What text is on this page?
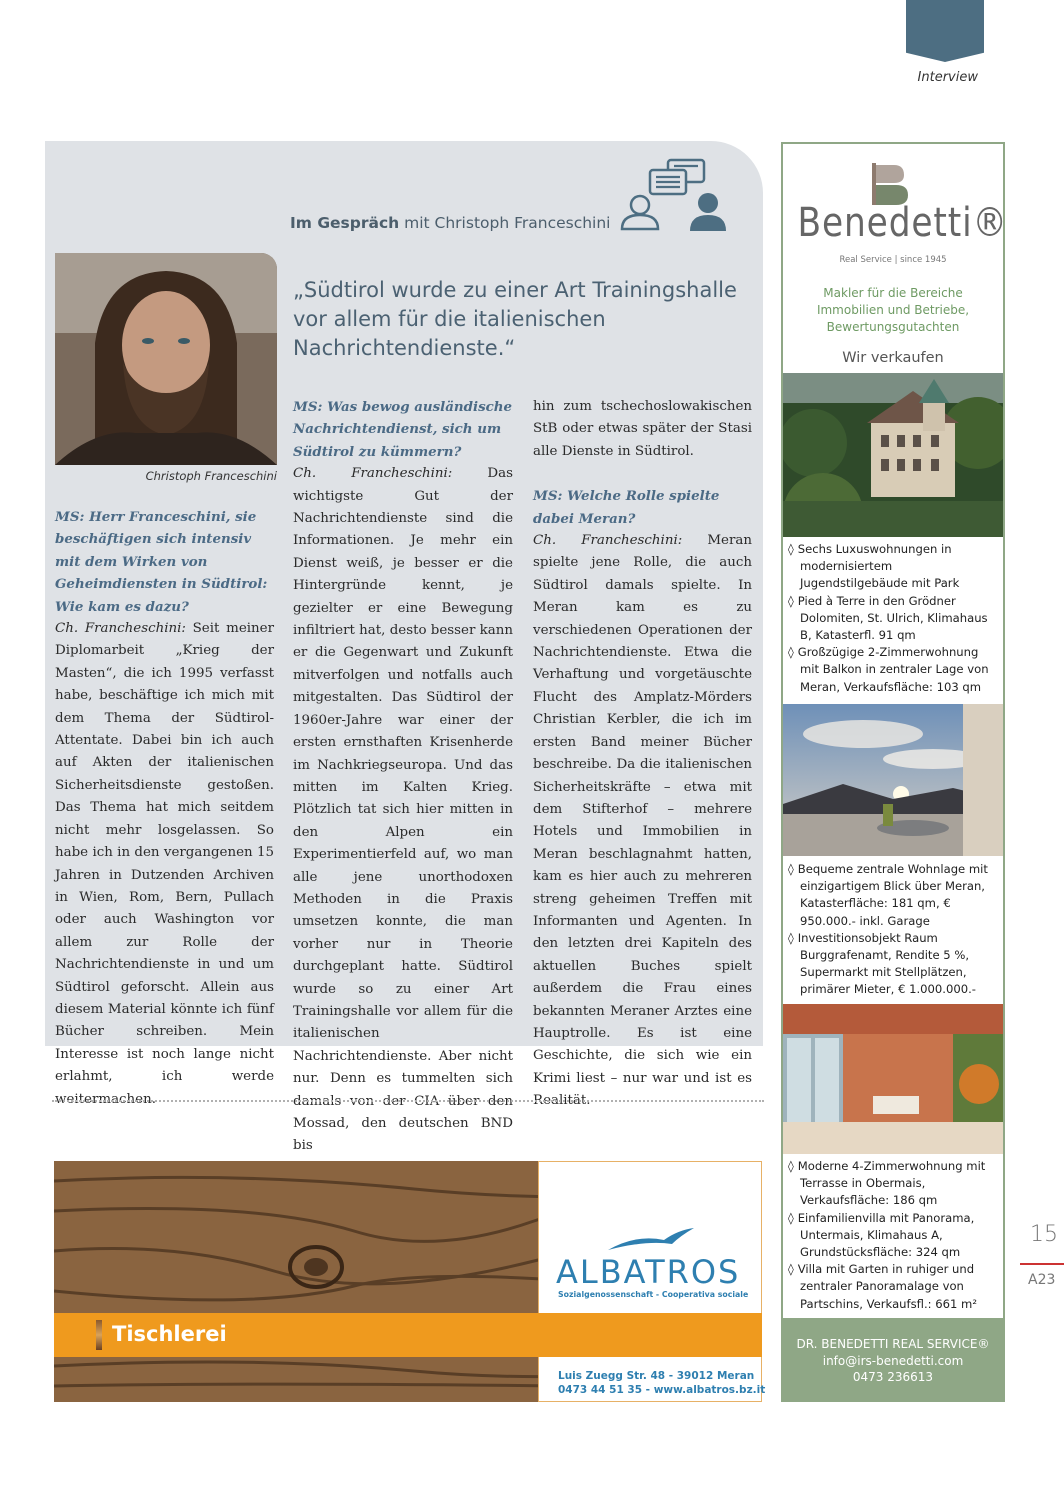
Interview
Im Gespräch mit Christoph Franceschini
Christoph Franceschini
„Südtirol wurde zu einer Art Trainingshalle vor allem für die italienischen Nachrichtendienste.“

MS: Herr Franceschini, sie beschäftigen sich intensiv mit dem Wirken von Geheimdiensten in Südtirol: Wie kam es dazu?

Ch. Francheschini: Seit meiner Diplomarbeit „Krieg der Masten“, die ich 1995 verfasst habe, beschäftige ich mich mit dem Thema der Südtirol-Attentate. Dabei bin ich auch auf Akten der italienischen Sicherheitsdienste gestoßen. Das Thema hat mich seitdem nicht mehr losgelassen. So habe ich in den vergangenen 15 Jahren in Dutzenden Archiven in Wien, Rom, Bern, Pullach oder auch Washington vor allem zur Rolle der Nachrichtendienste in und um Südtirol geforscht. Allein aus diesem Material könnte ich fünf Bücher schreiben. Mein Interesse ist noch lange nicht erlahmt, ich werde weitermachen.

MS: Was bewog ausländische Nachrichtendienst, sich um Südtirol zu kümmern?

Ch. Francheschini: Das wichtigste Gut der Nachrichtendienste sind die Informationen. Je mehr ein Dienst weiß, je besser er die Hintergründe kennt, je gezielter er eine Bewegung infiltriert hat, desto besser kann er die Gegenwart und Zukunft mitverfolgen und notfalls auch mitgestalten. Das Südtirol der 1960er-Jahre war einer der ersten ernsthaften Krisenherde im Nachkriegseuropa. Und das mitten im Kalten Krieg. Plötzlich tat sich hier mitten in den Alpen ein Experimentierfeld auf, wo man alle jene unorthodoxen Methoden in die Praxis umsetzen konnte, die man vorher nur in Theorie durchgeplant hatte. Südtirol wurde so zu einer Art Trainingshalle vor allem für die italienischen Nachrichtendienste. Aber nicht nur. Denn es tummelten sich damals von der CIA über den Mossad, den deutschen BND bis

hin zum tschechoslowakischen StB oder etwas später der Stasi alle Dienste in Südtirol.

MS: Welche Rolle spielte dabei Meran?

Ch. Francheschini: Meran spielte jene Rolle, die auch Südtirol damals spielte. In Meran kam es zu verschiedenen Operationen der Nachrichtendienste. Etwa die Verhaftung und vorgetäuschte Flucht des Amplatz-Mörders Christian Kerbler, die ich im ersten Band meiner Bücher beschreibe. Da die italienischen Sicherheitskräfte – etwa mit dem Stifterhof – mehrere Hotels und Immobilien in Meran beschlagnahmt hatten, kam es hier auch zu mehreren streng geheimen Treffen mit Informanten und Agenten. In den letzten drei Kapiteln des aktuellen Buches spielt außerdem die Frau eines bekannten Meraner Arztes eine Hauptrolle. Es ist eine Geschichte, die sich wie ein Krimi liest – nur war und ist es Realität.

Tischlerei
ALBATROS
Sozialgenossenschaft - Cooperativa sociale
Luis Zuegg Str. 48 - 39012 Meran
0473 44 51 35 - www.albatros.bz.it
Benedetti®
Real Service | since 1945
Makler für die Bereiche Immobilien und Betriebe, Bewertungsgutachten
Wir verkaufen
◊ Sechs Luxuswohnungen in modernisiertem Jugendstilgebäude mit Park
◊ Pied à Terre in den Grödner Dolomiten, St. Ulrich, Klimahaus B, Katasterfl. 91 qm
◊ Großzügige 2-Zimmerwohnung mit Balkon in zentraler Lage von Meran, Verkaufsfläche: 103 qm
◊ Bequeme zentrale Wohnlage mit einzigartigem Blick über Meran, Katasterfläche: 181 qm, € 950.000.- inkl. Garage
◊ Investitionsobjekt Raum Burggrafenamt, Rendite 5 %, Supermarkt mit Stellplätzen, primärer Mieter, € 1.000.000.-
◊ Moderne 4-Zimmerwohnung mit Terrasse in Obermais, Verkaufsfläche: 186 qm
◊ Einfamilienvilla mit Panorama, Untermais, Klimahaus A, Grundstücksfläche: 324 qm
◊ Villa mit Garten in ruhiger und zentraler Panoramalage von Partschins, Verkaufsfl.: 661 m²
DR. BENEDETTI REAL SERVICE®
info@irs-benedetti.com
0473 236613
15
A23
